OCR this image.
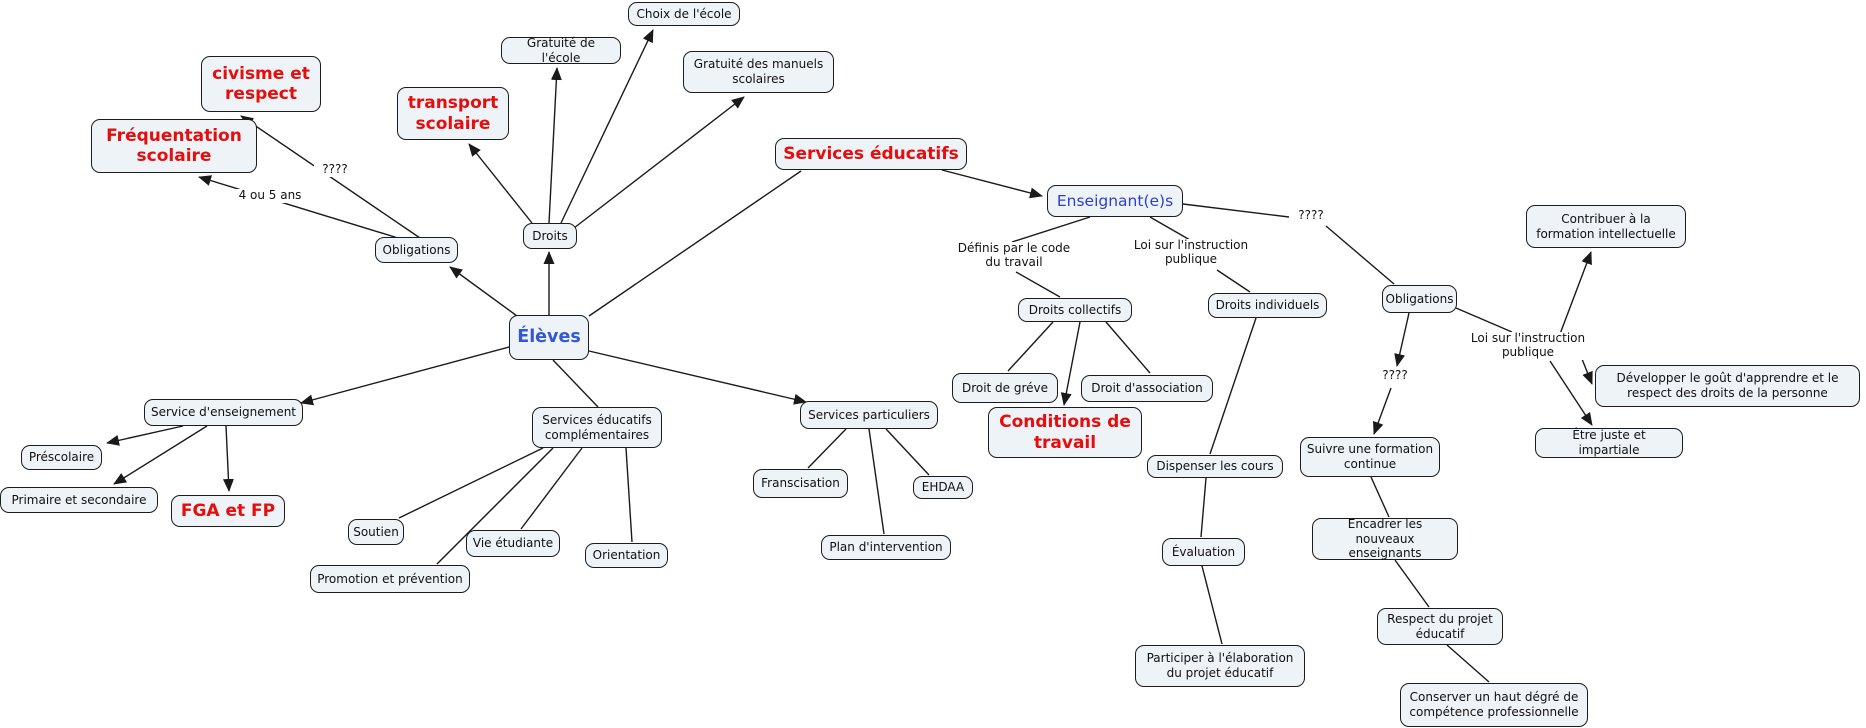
Choix de l'école
Gratuité de l'école	Gratuité des manuels scolaires
civisme et respect	transport scolaire
Fréquentation scolaire	Services éducatifs
Enseignant(e)s
Droits
Obligations
Élèves
Droits collectifs	Droits individuels	Obligations
Contribuer à la formation intellectuelle
Développer le goût d'apprendre et le respect des droits de la personne
Être juste et impartiale
Suivre une formation continue
Encadrer les nouveaux enseignants
Respect du projet éducatif
Conserver un haut dégré de compétence professionnelle
Droit de gréve	Droit d'association
Conditions de travail
Dispenser les cours
Évaluation
Participer à l'élaboration du projet éducatif
Service d'enseignement
Préscolaire
Primaire et secondaire
FGA et FP
Services éducatifs complémentaires
Soutien
Promotion et prévention
Vie étudiante
Orientation
Services particuliers
Franscisation	EHDAA
Plan d'intervention
????
4 ou 5 ans
Définis par le code du travail
Loi sur l'instruction publique
????
Loi sur l'instruction publique
????
